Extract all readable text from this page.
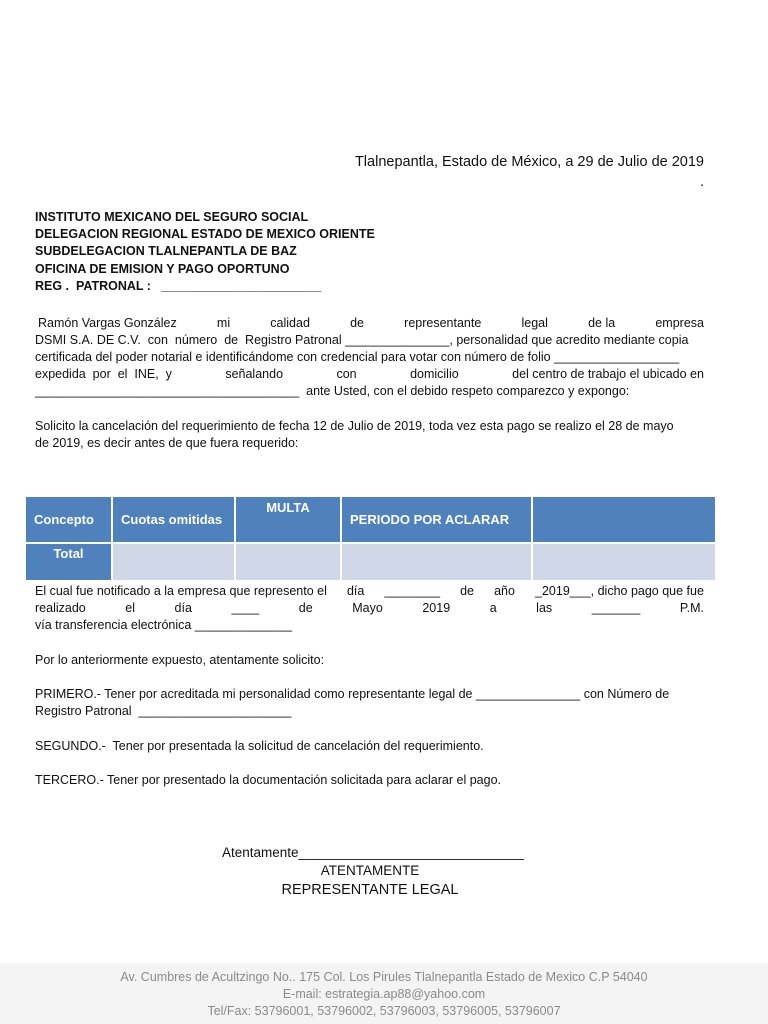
Tlalnepantla, Estado de México, a 29 de Julio de 2019
.
INSTITUTO MEXICANO DEL SEGURO SOCIAL
DELEGACION REGIONAL ESTADO DE MEXICO ORIENTE
SUBDELEGACION TLALNEPANTLA DE BAZ
OFICINA DE EMISION Y PAGO OPORTUNO
REG .  PATRONAL :   _______________________
Ramón Vargas González	mi	calidad	de	representante	legal	de la	empresa
DSMI S.A. DE C.V.  con  número  de  Registro Patronal _______________, personalidad que acredito mediante copia
certificada del poder notarial e identificándome con credencial para votar con número de folio __________________
expedida  por  el  INE,  y	señalando	con	domicilio	del centro de trabajo el ubicado en
______________________________________  ante Usted, con el debido respeto comparezco y expongo:
Solicito la cancelación del requerimiento de fecha 12 de Julio de 2019, toda vez esta pago se realizo el 28 de mayo
de 2019, es decir antes de que fuera requerido:
Concepto	Cuotas omitidas	MULTA	PERIODO POR ACLARAR	
Total				
El cual fue notificado a la empresa que represento el día ________ de año _2019___, dicho pago que fue
realizado	el	día	____	de	Mayo	2019	a	las	_______	P.M.
vía transferencia electrónica ______________
Por lo anteriormente expuesto, atentamente solicito:
PRIMERO.- Tener por acreditada mi personalidad como representante legal de _______________ con Número de
Registro Patronal  ______________________
SEGUNDO.-  Tener por presentada la solicitud de cancelación del requerimiento.
TERCERO.- Tener por presentado la documentación solicitada para aclarar el pago.
Atentamente______________________________
ATENTAMENTE
REPRESENTANTE LEGAL
Av. Cumbres de Acultzingo No.. 175 Col. Los Pirules Tlalnepantla Estado de Mexico C.P 54040
E-mail: estrategia.ap88@yahoo.com
Tel/Fax: 53796001, 53796002, 53796003, 53796005, 53796007
